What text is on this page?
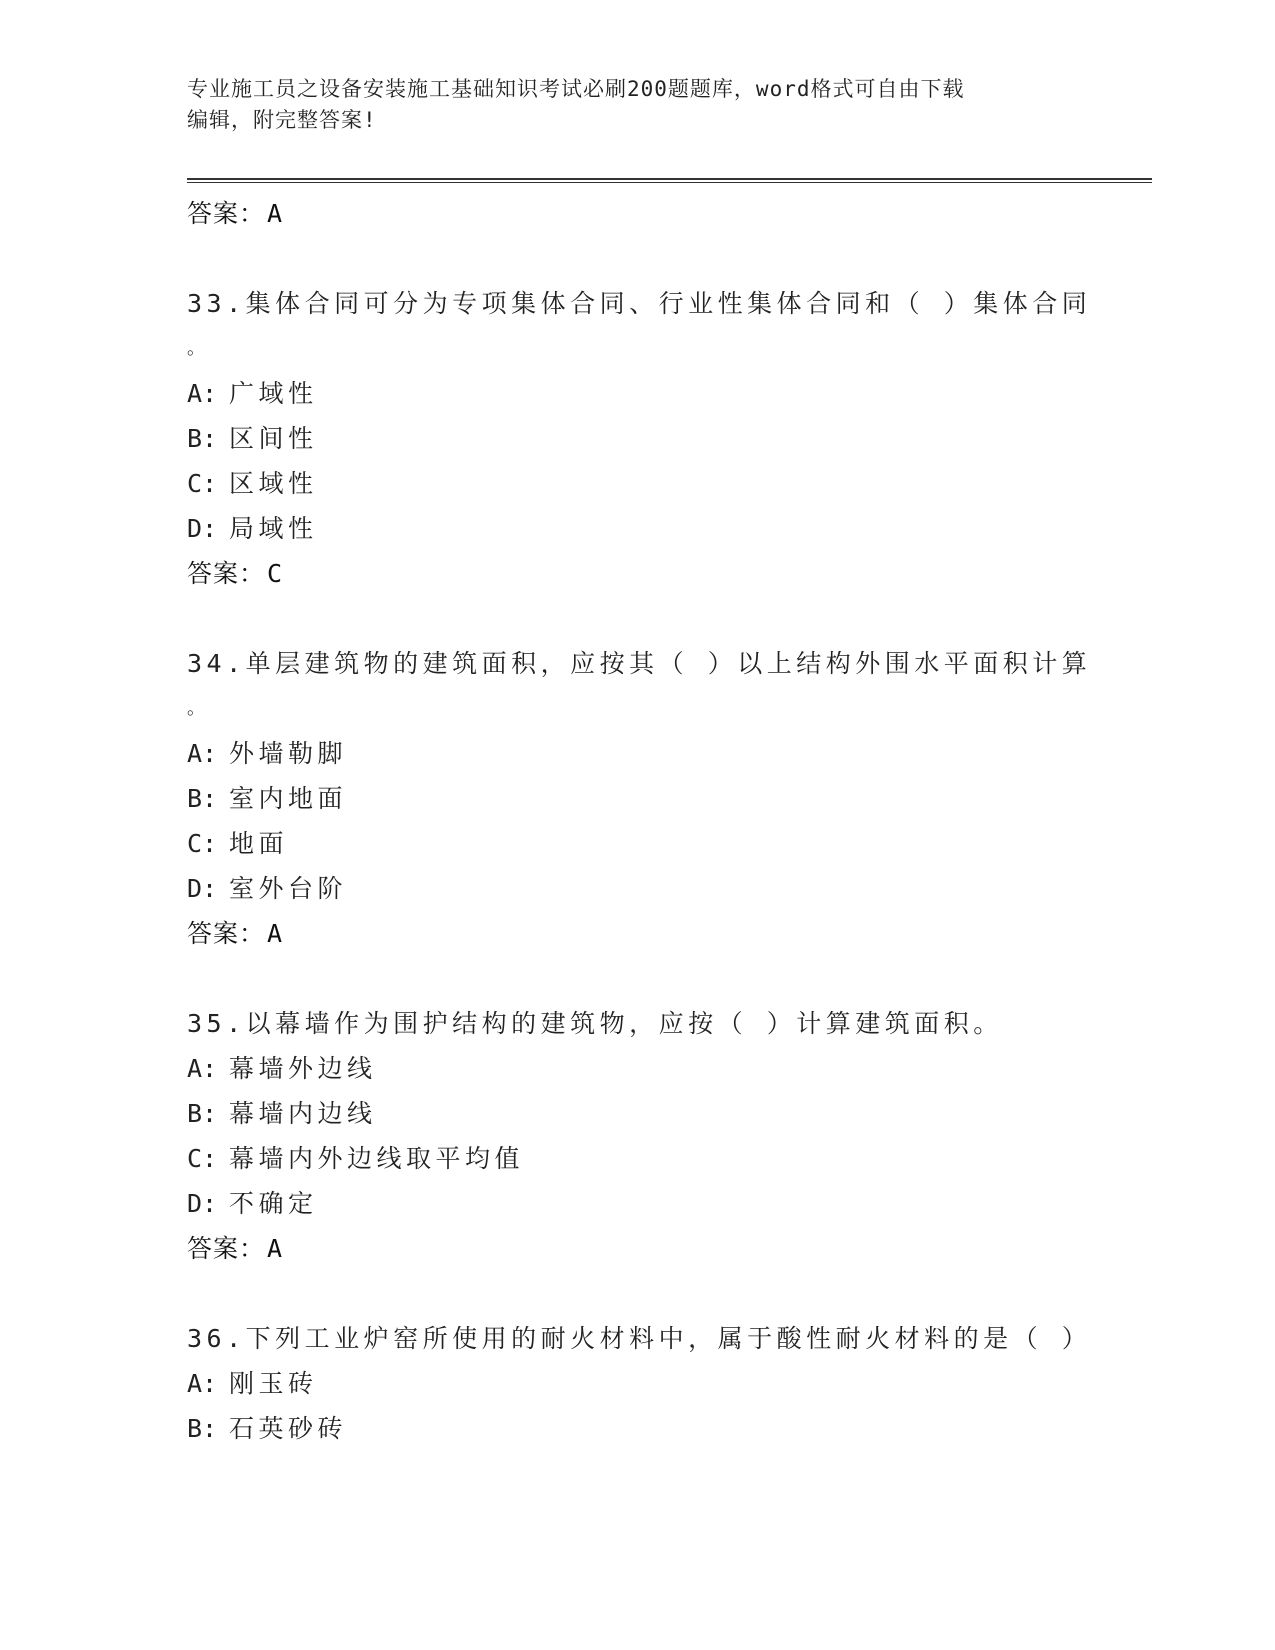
专业施工员之设备安装施工基础知识考试必刷200题题库，word格式可自由下载
编辑，附完整答案!
答案：A
33.集体合同可分为专项集体合同、行业性集体合同和（ ）集体合同
。
A: 广域性
B: 区间性
C: 区域性
D: 局域性
答案：C
34.单层建筑物的建筑面积，应按其（ ）以上结构外围水平面积计算
。
A: 外墙勒脚
B: 室内地面
C: 地面
D: 室外台阶
答案：A
35.以幕墙作为围护结构的建筑物，应按（ ）计算建筑面积。
A: 幕墙外边线
B: 幕墙内边线
C: 幕墙内外边线取平均值
D: 不确定
答案：A
36.下列工业炉窑所使用的耐火材料中，属于酸性耐火材料的是（ ）
A: 刚玉砖
B: 石英砂砖
